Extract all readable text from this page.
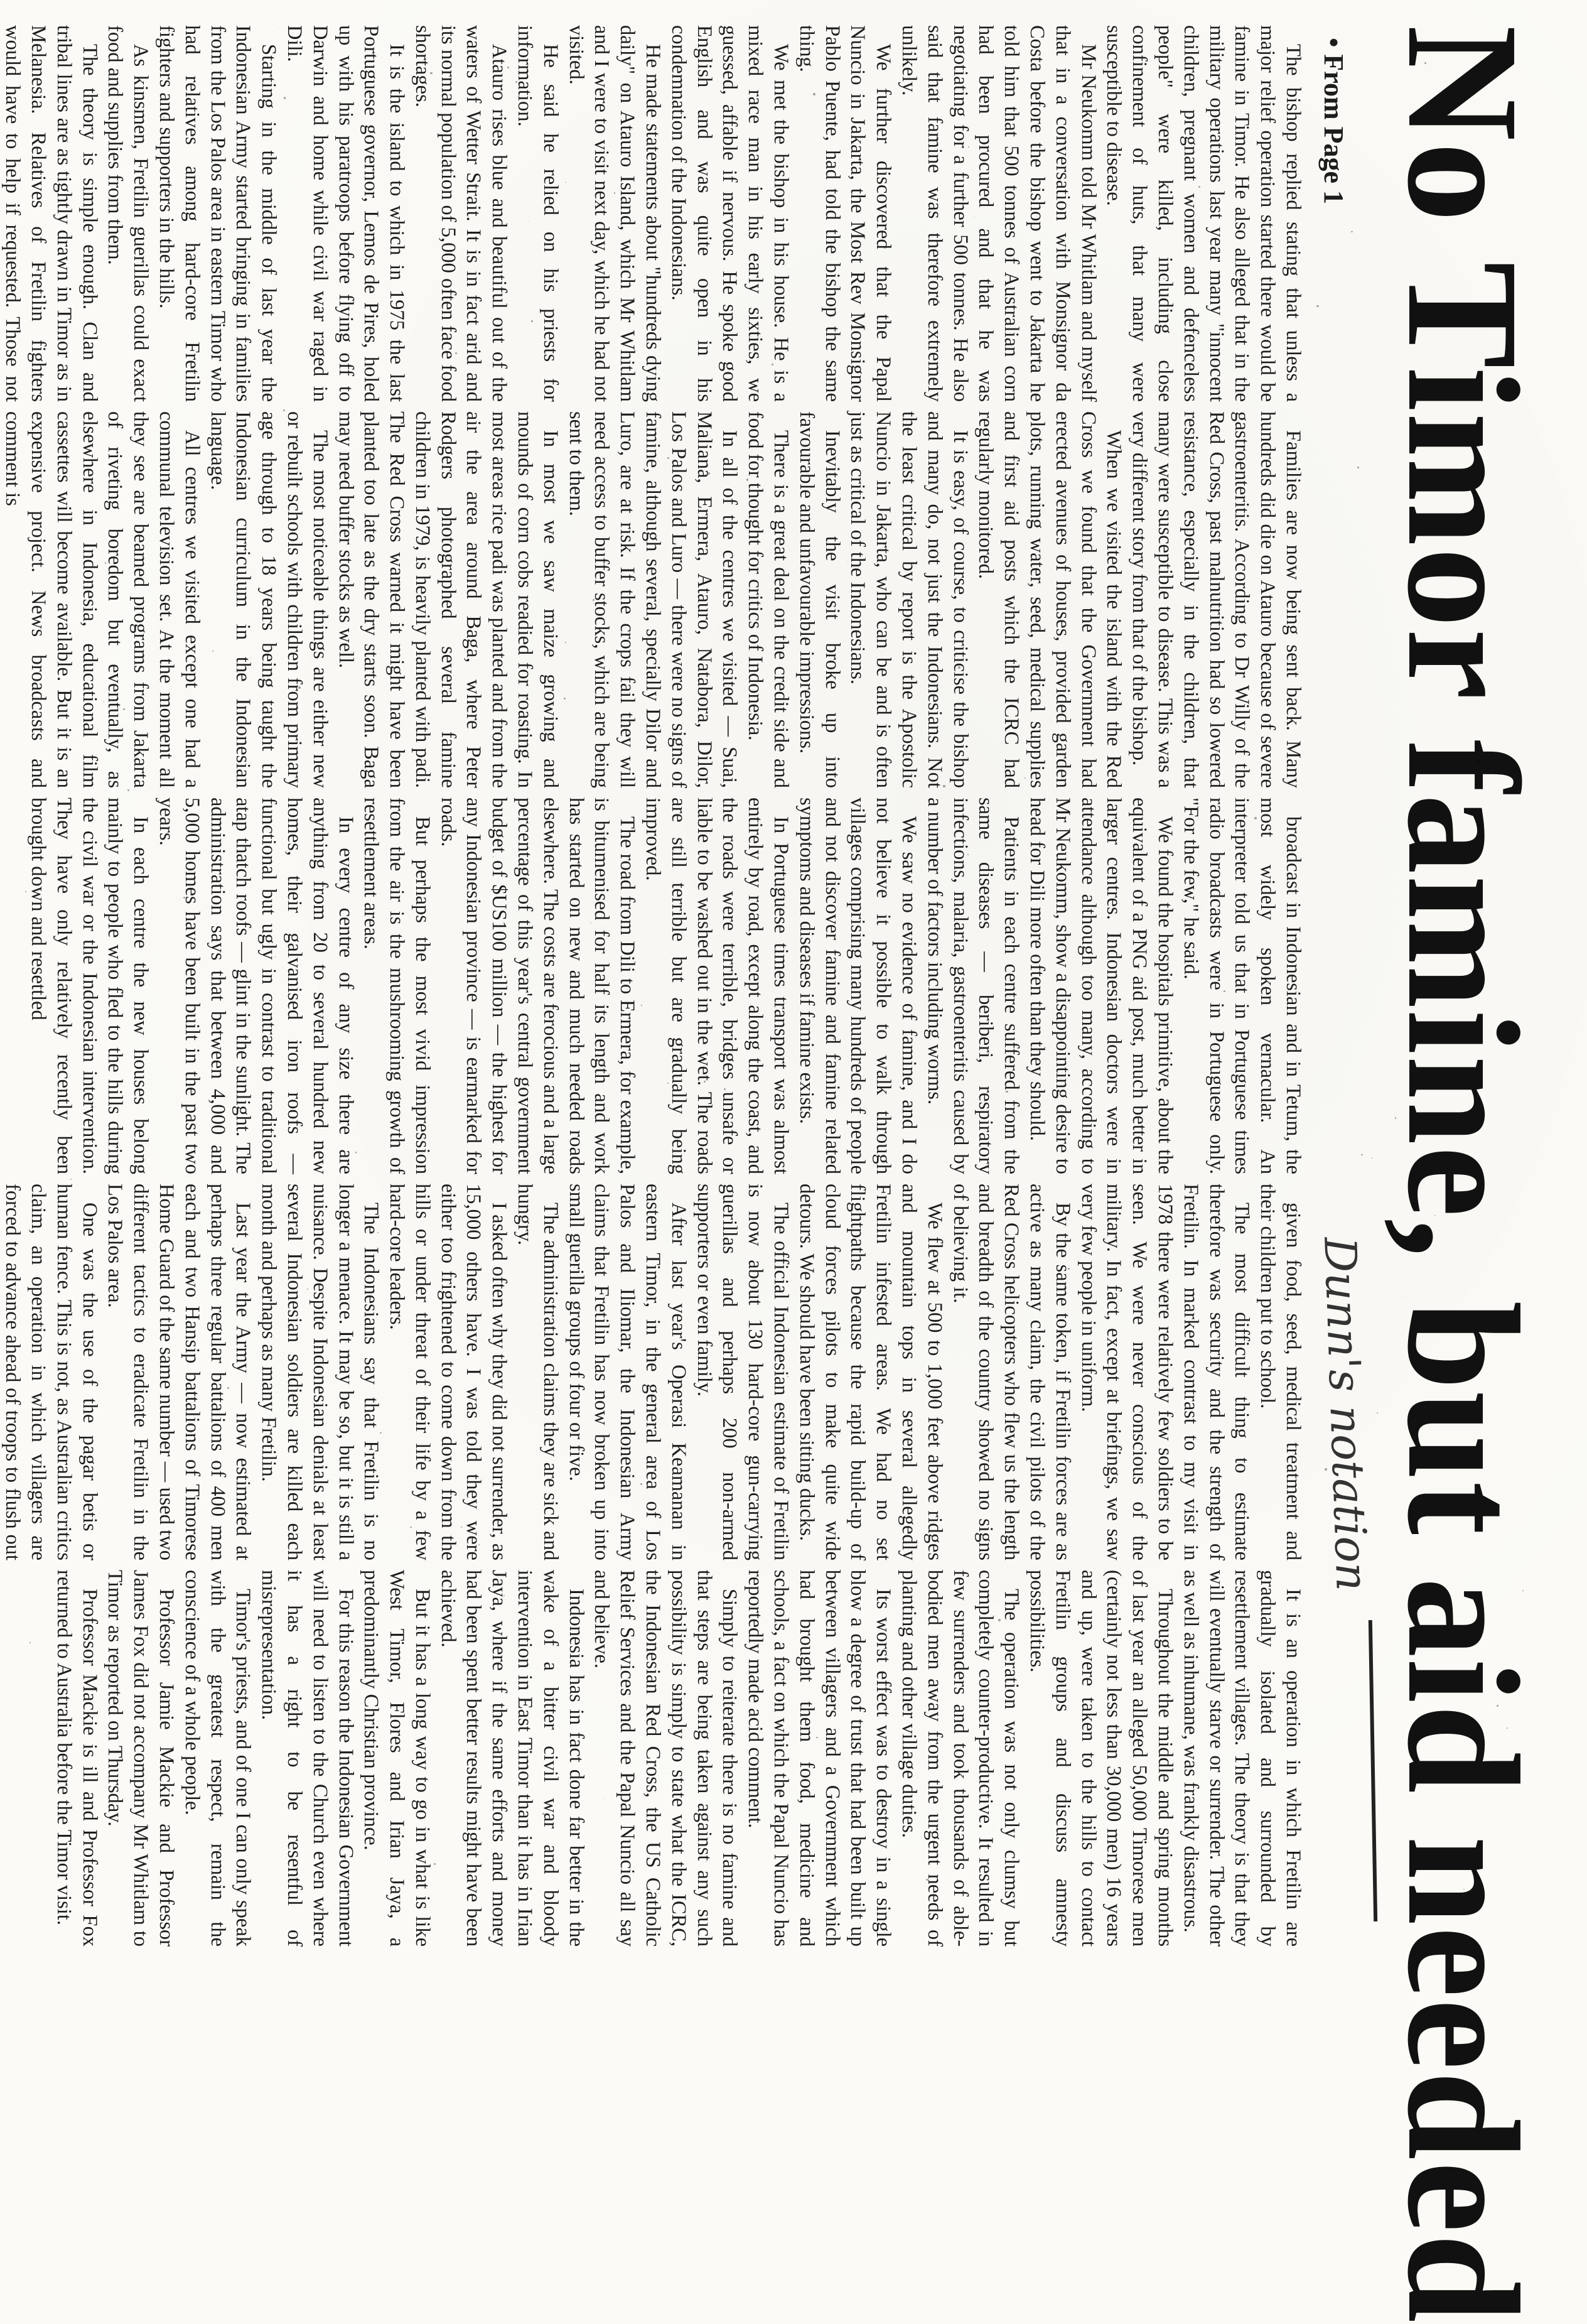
No Timor famine, but aid needed
Dunn's notation
• From Page 1

The bishop replied stating that unless a major relief operation started there would be famine in Timor. He also alleged that in the military operations last year many "innocent children, pregnant women and defenceless people" were killed, including close confinement of huts, that many were susceptible to disease.

Mr Neukomm told Mr Whitlam and myself that in a conversation with Monsignor da Costa before the bishop went to Jakarta he told him that 500 tonnes of Australian corn had been procured and that he was negotiating for a further 500 tonnes. He also said that famine was therefore extremely unlikely.

We further discovered that the Papal Nuncio in Jakarta, the Most Rev Monsignor Pablo Puente, had told the bishop the same thing.

We met the bishop in his house. He is a mixed race man in his early sixties, we guessed, affable if nervous. He spoke good English and was quite open in his condemnation of the Indonesians.

He made statements about "hundreds dying daily" on Atauro Island, which Mr Whitlam and I were to visit next day, which he had not visited.

He said he relied on his priests for information.

Atauro rises blue and beautiful out of the waters of Wetter Strait. It is in fact arid and its normal population of 5,000 often face food shortages.

It is the island to which in 1975 the last Portuguese governor, Lemos de Pires, holed up with his paratroops before flying off to Darwin and home while civil war raged in Dili.

Starting in the middle of last year the Indonesian Army started bringing in families from the Los Palos area in eastern Timor who had relatives among hard-core Fretilin fighters and supporters in the hills.

As kinsmen, Fretilin guerillas could exact food and supplies from them.

The theory is simple enough. Clan and tribal lines are as tightly drawn in Timor as in Melanesia. Relatives of Fretilin fighters would have to help if requested. Those not

Families are now being sent back. Many hundreds did die on Atauro because of severe gastroenteritis. According to Dr Willy of the Red Cross, past malnutrition had so lowered resistance, especially in the children, that many were susceptible to disease. This was a very different story from that of the bishop.

When we visited the island with the Red Cross we found that the Government had erected avenues of houses, provided garden plots, running water, seed, medical supplies and first aid posts which the ICRC had regularly monitored.

It is easy, of course, to criticise the bishop and many do, not just the Indonesians. Not the least critical by report is the Apostolic Nuncio in Jakarta, who can be and is often just as critical of the Indonesians.

Inevitably the visit broke up into favourable and unfavourable impressions.

There is a great deal on the credit side and food for thought for critics of Indonesia.

In all of the centres we visited — Suai, Maliana, Ermera, Atauro, Natabora, Dilor, Los Palos and Luro — there were no signs of famine, although several, specially Dilor and Luro, are at risk. If the crops fail they will need access to buffer stocks, which are being sent to them.

In most we saw maize growing and mounds of corn cobs readied for roasting. In most areas rice padi was planted and from the air the area around Baga, where Peter Rodgers photographed several famine children in 1979, is heavily planted with padi. The Red Cross warned it might have been planted too late as the dry starts soon. Baga may need buffer stocks as well.

The most noticeable things are either new or rebuilt schools with children from primary age through to 18 years being taught the Indonesian curriculum in the Indonesian language.

All centres we visited except one had a communal television set. At the moment all they see are beamed programs from Jakarta of riveting boredom but eventually, as elsewhere in Indonesia, educational film cassettes will become available. But it is an expensive project. News broadcasts and comment is

broadcast in Indonesian and in Tetum, the most widely spoken vernacular. An interpreter told us that in Portuguese times radio broadcasts were in Portuguese only. "For the few," he said.

We found the hospitals primitive, about the equivalent of a PNG aid post, much better in larger centres. Indonesian doctors were in attendance although too many, according to Mr Neukomm, show a disappointing desire to head for Dili more often than they should.

Patients in each centre suffered from the same diseases — beriberi, respiratory infections, malaria, gastroenteritis caused by a number of factors including worms.

We saw no evidence of famine, and I do not believe it possible to walk through villages comprising many hundreds of people and not discover famine and famine related symptoms and diseases if famine exists.

In Portuguese times transport was almost entirely by road, except along the coast, and the roads were terrible, bridges unsafe or liable to be washed out in the wet. The roads are still terrible but are gradually being improved.

The road from Dili to Ermera, for example, is bitumenised for half its length and work has started on new and much needed roads elsewhere. The costs are ferocious and a large percentage of this year's central government budget of $US100 million — the highest for any Indonesian province — is earmarked for roads.

But perhaps the most vivid impression from the air is the mushrooming growth of resettlement areas.

In every centre of any size there are anything from 20 to several hundred new homes, their galvanised iron roofs — functional but ugly in contrast to traditional atap thatch roofs — glint in the sunlight. The administration says that between 4,000 and 5,000 homes have been built in the past two years.

In each centre the new houses belong mainly to people who fled to the hills during the civil war or the Indonesian intervention. They have only relatively recently been brought down and resettled

given food, seed, medical treatment and their children put to school.

The most difficult thing to estimate therefore was security and the strength of Fretilin. In marked contrast to my visit in 1978 there were relatively few soldiers to be seen. We were never conscious of the military. In fact, except at briefings, we saw very few people in uniform.

By the same token, if Fretilin forces are as active as many claim, the civil pilots of the Red Cross helicopters who flew us the length and breadth of the country showed no signs of believing it.

We flew at 500 to 1,000 feet above ridges and mountain tops in several allegedly Fretilin infested areas. We had no set flightpaths because the rapid build-up of cloud forces pilots to make quite wide detours. We should have been sitting ducks.

The official Indonesian estimate of Fretilin is now about 130 hard-core gun-carrying guerillas and perhaps 200 non-armed supporters or even family.

After last year's Operasi Keamanan in eastern Timor, in the general area of Los Palos and Iliomar, the Indonesian Army claims that Fretilin has now broken up into small guerilla groups of four or five.

The administration claims they are sick and hungry.

I asked often why they did not surrender, as 15,000 others have. I was told they were either too frightened to come down from the hills or under threat of their life by a few hard-core leaders.

The Indonesians say that Fretilin is no longer a menace. It may be so, but it is still a nuisance. Despite Indonesian denials at least several Indonesian soldiers are killed each month and perhaps as many Fretilin.

Last year the Army — now estimated at perhaps three regular battalions of 400 men each and two Hansip battalions of Timorese Home Guard of the same number — used two different tactics to eradicate Fretilin in the Los Palos area.

One was the use of the pagar betis or human fence. This is not, as Australian critics claim, an operation in which villagers are forced to advance ahead of troops to flush out

It is an operation in which Fretilin are gradually isolated and surrounded by resettlement villages. The theory is that they will eventually starve or surrender. The other as well as inhumane, was frankly disastrous.

Throughout the middle and spring months of last year an alleged 50,000 Timorese men (certainly not less than 30,000 men) 16 years and up, were taken to the hills to contact Fretilin groups and discuss amnesty possibilities.

The operation was not only clumsy but completely counter-productive. It resulted in few surrenders and took thousands of able-bodied men away from the urgent needs of planting and other village duties.

Its worst effect was to destroy in a single blow a degree of trust that had been built up between villagers and a Government which had brought them food, medicine and schools, a fact on which the Papal Nuncio has reportedly made acid comment.

Simply to reiterate there is no famine and that steps are being taken against any such possibility is simply to state what the ICRC, the Indonesian Red Cross, the US Catholic Relief Services and the Papal Nuncio all say and believe.

Indonesia has in fact done far better in the wake of a bitter civil war and bloody intervention in East Timor than it has in Irian Jaya, where if the same efforts and money had been spent better results might have been achieved.

But it has a long way to go in what is like West Timor, Flores and Irian Jaya, a predominantly Christian province.

For this reason the Indonesian Government will need to listen to the Church even where it has a right to be resentful of misrepresentation.

Timor's priests, and of one I can only speak with the greatest respect, remain the conscience of a whole people.

Professor Jamie Mackie and Professor James Fox did not accompany Mr Whitlam to Timor as reported on Thursday.

Professor Mackie is ill and Professor Fox returned to Australia before the Timor visit.
